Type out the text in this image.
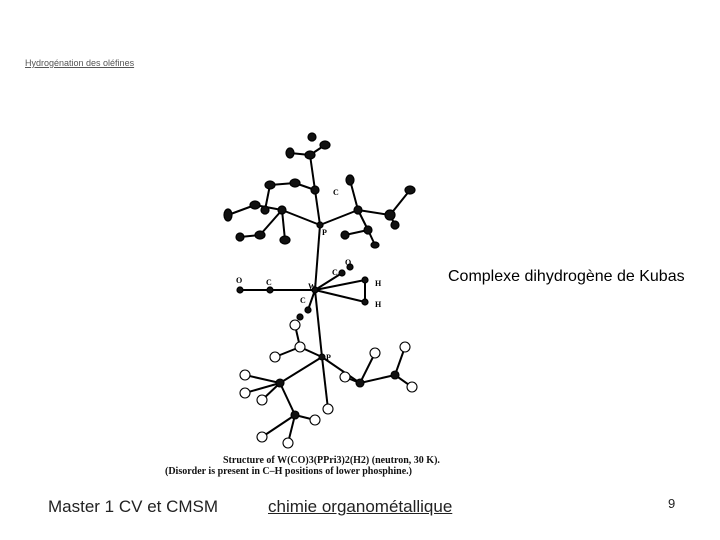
Hydrogénation des oléfines
P
W
C
C
C
C
O
O
H
H
P
Complexe dihydrogène de Kubas
Structure of W(CO)3(PPri3)2(H2) (neutron, 30 K).
(Disorder is present in C–H positions of lower phosphine.)
Master 1 CV et CMSM	chimie organométallique	9
